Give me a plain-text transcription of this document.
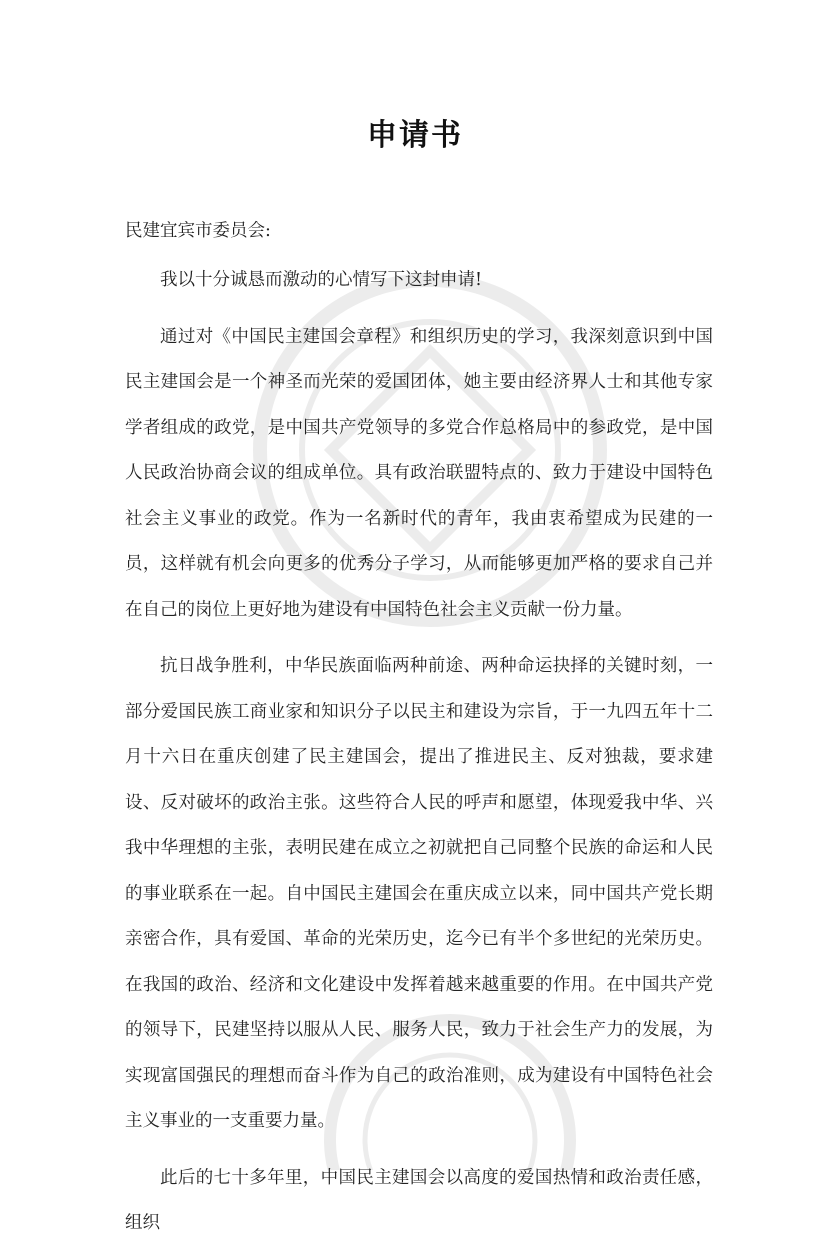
申请书
民建宜宾市委员会:

我以十分诚恳而激动的心情写下这封申请!

通过对《中国民主建国会章程》和组织历史的学习，我深刻意识到中国民主建国会是一个神圣而光荣的爱国团体，她主要由经济界人士和其他专家学者组成的政党，是中国共产党领导的多党合作总格局中的参政党，是中国人民政治协商会议的组成单位。具有政治联盟特点的、致力于建设中国特色社会主义事业的政党。作为一名新时代的青年，我由衷希望成为民建的一员，这样就有机会向更多的优秀分子学习，从而能够更加严格的要求自己并在自己的岗位上更好地为建设有中国特色社会主义贡献一份力量。

抗日战争胜利，中华民族面临两种前途、两种命运抉择的关键时刻，一部分爱国民族工商业家和知识分子以民主和建设为宗旨，于一九四五年十二月十六日在重庆创建了民主建国会，提出了推进民主、反对独裁，要求建设、反对破坏的政治主张。这些符合人民的呼声和愿望，体现爱我中华、兴我中华理想的主张，表明民建在成立之初就把自己同整个民族的命运和人民的事业联系在一起。自中国民主建国会在重庆成立以来，同中国共产党长期亲密合作，具有爱国、革命的光荣历史，迄今已有半个多世纪的光荣历史。在我国的政治、经济和文化建设中发挥着越来越重要的作用。在中国共产党的领导下，民建坚持以服从人民、服务人民，致力于社会生产力的发展，为实现富国强民的理想而奋斗作为自己的政治准则，成为建设有中国特色社会主义事业的一支重要力量。

此后的七十多年里，中国民主建国会以高度的爱国热情和政治责任感，组织
